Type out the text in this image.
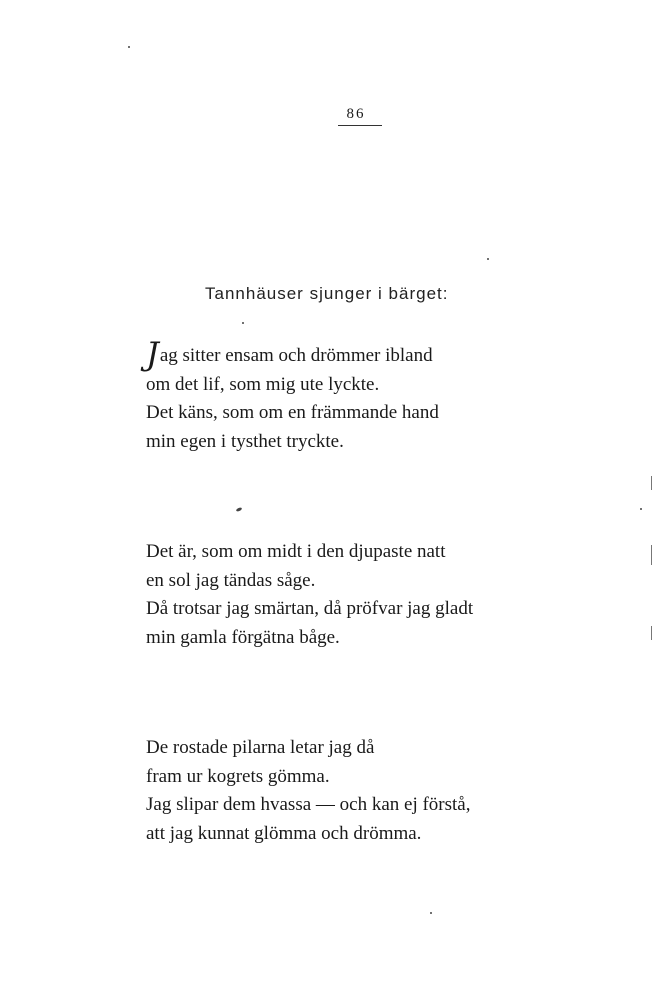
86
Tannhäuser sjunger i bärget:
Jag sitter ensam och drömmer ibland
om det lif, som mig ute lyckte.
Det käns, som om en främmande hand
min egen i tysthet tryckte.
Det är, som om midt i den djupaste natt
en sol jag tändas såge.
Då trotsar jag smärtan, då pröfvar jag gladt
min gamla förgätna båge.
De rostade pilarna letar jag då
fram ur kogrets gömma.
Jag slipar dem hvassa — och kan ej förstå,
att jag kunnat glömma och drömma.
